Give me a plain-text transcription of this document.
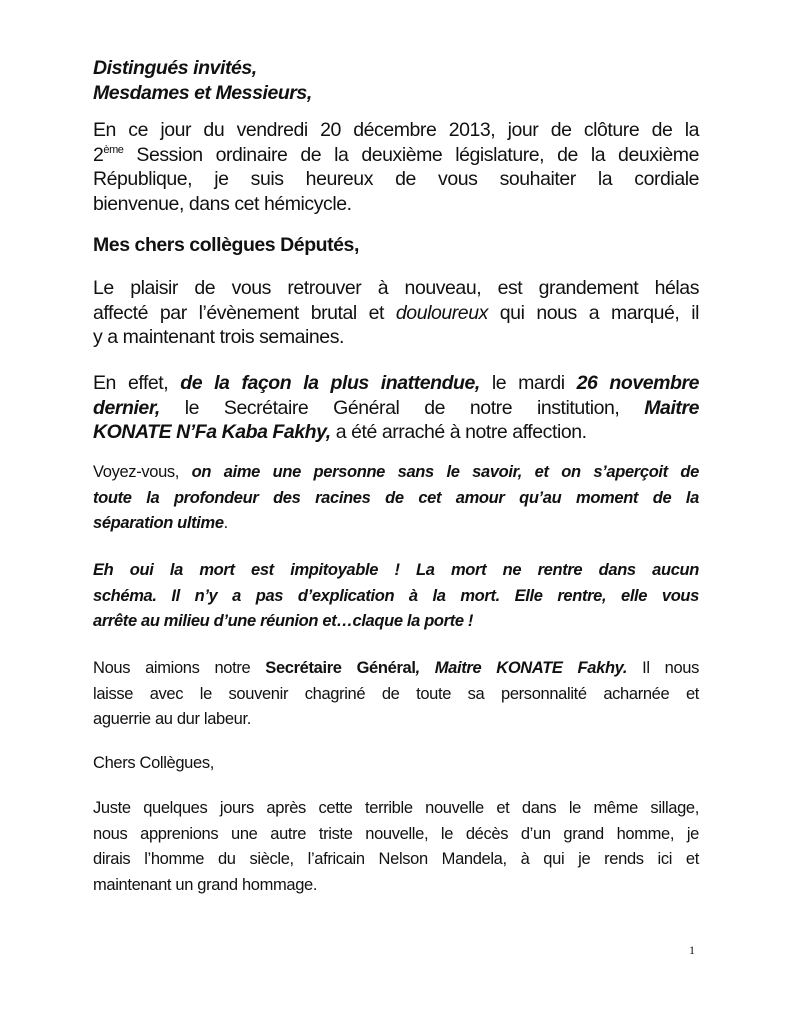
Distingués invités,
Mesdames et Messieurs,
En ce jour du vendredi 20 décembre 2013, jour de clôture de la
2ème Session ordinaire de la deuxième législature, de la deuxième
République, je suis heureux de vous souhaiter la cordiale
bienvenue, dans cet hémicycle.
Mes chers collègues Députés,
Le plaisir de vous retrouver à nouveau, est grandement hélas
affecté par l’évènement brutal et douloureux qui nous a marqué, il
y a maintenant trois semaines.
En effet, de la façon la plus inattendue, le mardi 26 novembre
dernier, le Secrétaire Général de notre institution, Maitre
KONATE N’Fa Kaba Fakhy, a été arraché à notre affection.
Voyez-vous, on aime une personne sans le savoir, et on s’aperçoit de
toute la profondeur des racines de cet amour qu’au moment de la
séparation ultime.
Eh oui la mort est impitoyable ! La mort ne rentre dans aucun
schéma. Il n’y a pas d’explication à la mort. Elle rentre, elle vous
arrête au milieu d’une réunion et…claque la porte !
Nous aimions notre Secrétaire Général, Maitre KONATE Fakhy. Il nous
laisse avec le souvenir chagriné de toute sa personnalité acharnée et
aguerrie au dur labeur.
Chers Collègues,
Juste quelques jours après cette terrible nouvelle et dans le même sillage,
nous apprenions une autre triste nouvelle, le décès d’un grand homme, je
dirais l’homme du siècle, l’africain Nelson Mandela, à qui je rends ici et
maintenant un grand hommage.
1
